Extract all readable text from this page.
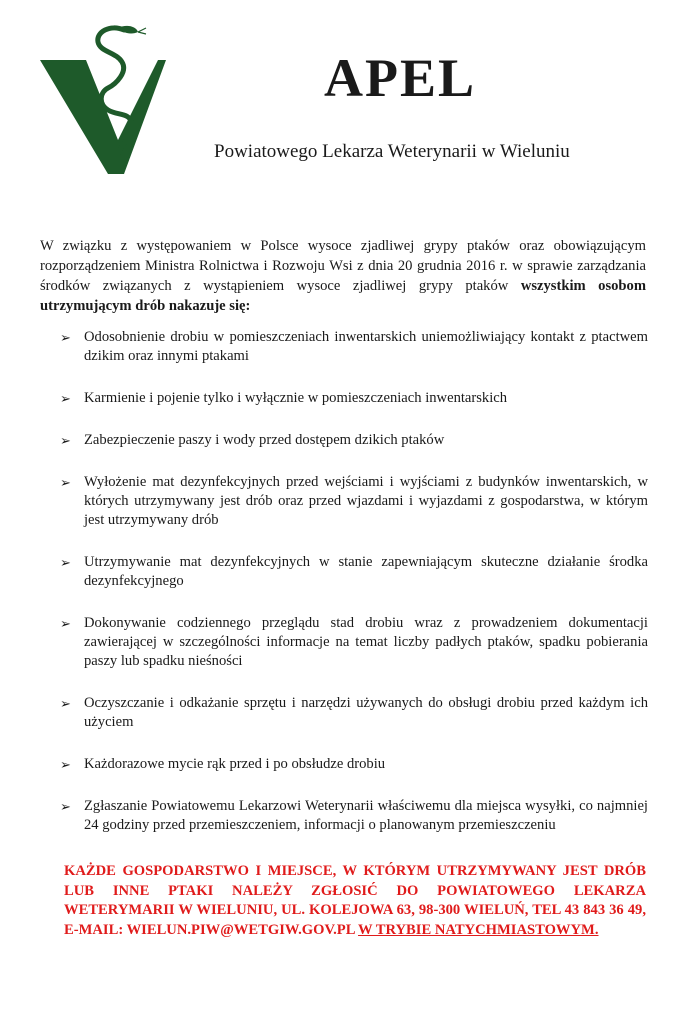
APEL
Powiatowego Lekarza Weterynarii w Wieluniu
W związku z występowaniem w Polsce wysoce zjadliwej grypy ptaków oraz obowiązującym rozporządzeniem Ministra Rolnictwa i Rozwoju Wsi z dnia 20 grudnia 2016 r. w sprawie zarządzania środków związanych z wystąpieniem wysoce zjadliwej grypy ptaków wszystkim osobom utrzymującym drób nakazuje się:
➢ Odosobnienie drobiu w pomieszczeniach inwentarskich uniemożliwiający kontakt z ptactwem dzikim oraz innymi ptakami
➢ Karmienie i pojenie tylko i wyłącznie w pomieszczeniach inwentarskich
➢ Zabezpieczenie paszy i wody przed dostępem dzikich ptaków
➢ Wyłożenie mat dezynfekcyjnych przed wejściami i wyjściami z budynków inwentarskich, w których utrzymywany jest drób oraz przed wjazdami i wyjazdami z gospodarstwa, w którym jest utrzymywany drób
➢ Utrzymywanie mat dezynfekcyjnych w stanie zapewniającym skuteczne działanie środka dezynfekcyjnego
➢ Dokonywanie codziennego przeglądu stad drobiu wraz z prowadzeniem dokumentacji zawierającej w szczególności informacje na temat liczby padłych ptaków, spadku pobierania paszy lub spadku nieśności
➢ Oczyszczanie i odkażanie sprzętu i narzędzi używanych do obsługi drobiu przed każdym ich użyciem
➢ Każdorazowe mycie rąk przed i po obsłudze drobiu
➢ Zgłaszanie Powiatowemu Lekarzowi Weterynarii właściwemu dla miejsca wysyłki, co najmniej 24 godziny przed przemieszczeniem, informacji o planowanym przemieszczeniu
KAŻDE GOSPODARSTWO I MIEJSCE, W KTÓRYM UTRZYMYWANY JEST DRÓB LUB INNE PTAKI NALEŻY ZGŁOSIĆ DO POWIATOWEGO LEKARZA WETERYMARII W WIELUNIU, UL. KOLEJOWA 63, 98-300 WIELUŃ, TEL 43 843 36 49, E-MAIL: WIELUN.PIW@WETGIW.GOV.PL W TRYBIE NATYCHMIASTOWYM.
